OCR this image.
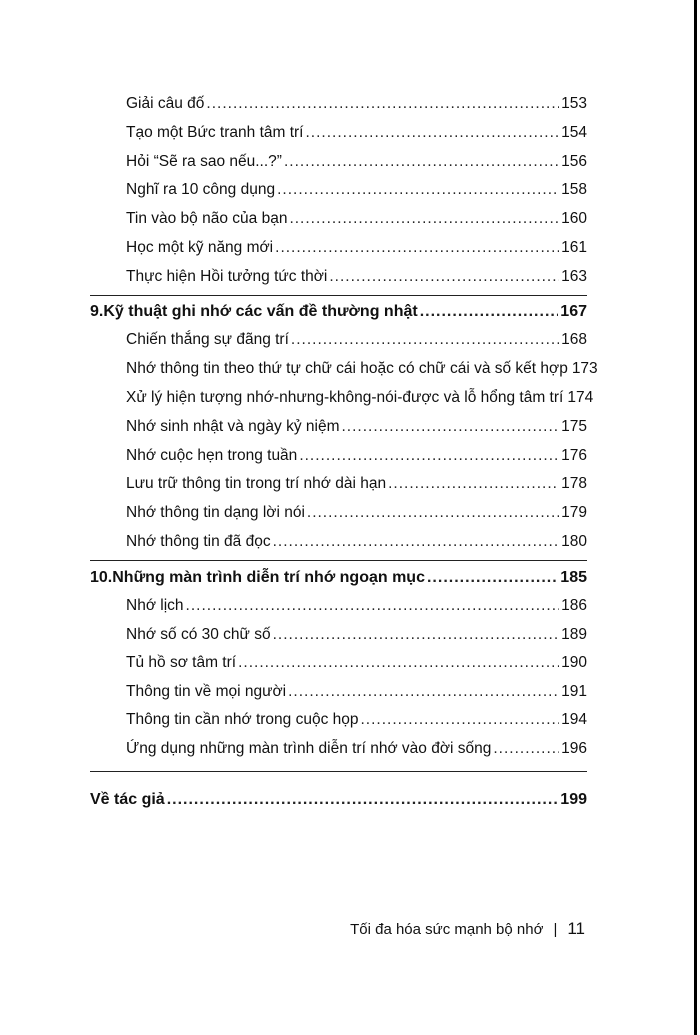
Giải câu đố .....	153
Tạo một Bức tranh tâm trí .....	154
Hỏi “Sẽ ra sao nếu...?” .....	156
Nghĩ ra 10 công dụng .....	158
Tin vào bộ não của bạn .....	160
Học một kỹ năng mới .....	161
Thực hiện Hồi tưởng tức thời .....	163
9. Kỹ thuật ghi nhớ các vấn đề thường nhật .....	167
Chiến thắng sự đãng trí .....	168
Nhớ thông tin theo thứ tự chữ cái hoặc có chữ cái và số kết hợp 173
Xử lý hiện tượng nhớ-nhưng-không-nói-được và lỗ hổng tâm trí 174
Nhớ sinh nhật và ngày kỷ niệm .....	175
Nhớ cuộc hẹn trong tuần .....	176
Lưu trữ thông tin trong trí nhớ dài hạn .....	178
Nhớ thông tin dạng lời nói .....	179
Nhớ thông tin đã đọc .....	180
10. Những màn trình diễn trí nhớ ngoạn mục .....	185
Nhớ lịch .....	186
Nhớ số có 30 chữ số .....	189
Tủ hồ sơ tâm trí .....	190
Thông tin về mọi người .....	191
Thông tin cần nhớ trong cuộc họp .....	194
Ứng dụng những màn trình diễn trí nhớ vào đời sống .....	196
Về tác giả .....	199
Tối đa hóa sức mạnh bộ nhớ | 11
